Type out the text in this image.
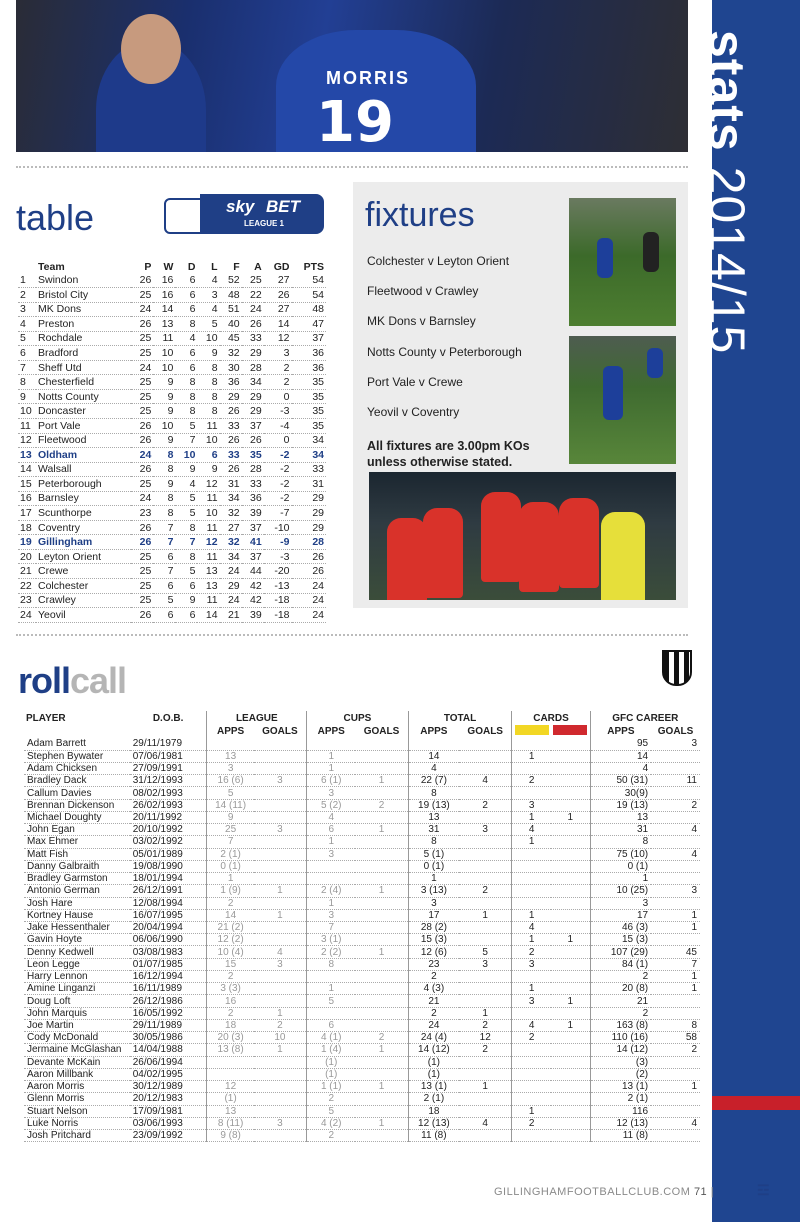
stats 2014/15
MORRIS
19
table	sky BET
LEAGUE 1
	Team	P	W	D	L	F	A	GD	PTS
1	Swindon	26	16	6	4	52	25	27	54
2	Bristol City	25	16	6	3	48	22	26	54
3	MK Dons	24	14	6	4	51	24	27	48
4	Preston	26	13	8	5	40	26	14	47
5	Rochdale	25	11	4	10	45	33	12	37
6	Bradford	25	10	6	9	32	29	3	36
7	Sheff Utd	24	10	6	8	30	28	2	36
8	Chesterfield	25	9	8	8	36	34	2	35
9	Notts County	25	9	8	8	29	29	0	35
10	Doncaster	25	9	8	8	26	29	-3	35
11	Port Vale	26	10	5	11	33	37	-4	35
12	Fleetwood	26	9	7	10	26	26	0	34
13	Oldham	24	8	10	6	33	35	-2	34
14	Walsall	26	8	9	9	26	28	-2	33
15	Peterborough	25	9	4	12	31	33	-2	31
16	Barnsley	24	8	5	11	34	36	-2	29
17	Scunthorpe	23	8	5	10	32	39	-7	29
18	Coventry	26	7	8	11	27	37	-10	29
19	Gillingham	26	7	7	12	32	41	-9	28
20	Leyton Orient	25	6	8	11	34	37	-3	26
21	Crewe	25	7	5	13	24	44	-20	26
22	Colchester	25	6	6	13	29	42	-13	24
23	Crawley	25	5	9	11	24	42	-18	24
24	Yeovil	26	6	6	14	21	39	-18	24
fixtures
Colchester v Leyton Orient
Fleetwood v Crawley
MK Dons v Barnsley
Notts County v Peterborough
Port Vale v Crewe
Yeovil v Coventry
All fixtures are 3.00pm KOs unless otherwise stated.
rollcall
PLAYER	D.O.B.	LEAGUE		CUPS		TOTAL		CARDS		GFC CAREER	
		APPS	GOALS	APPS	GOALS	APPS	GOALS			APPS	GOALS
Adam Barrett	29/11/1979									95	3
Stephen Bywater	07/06/1981	13		1		14		1		14	
Adam Chicksen	27/09/1991	3		1		4				4	
Bradley Dack	31/12/1993	16 (6)	3	6 (1)	1	22 (7)	4	2		50 (31)	11
Callum Davies	08/02/1993	5		3		8				30(9)	
Brennan Dickenson	26/02/1993	14 (11)		5 (2)	2	19 (13)	2	3		19 (13)	2
Michael Doughty	20/11/1992	9		4		13		1	1	13	
John Egan	20/10/1992	25	3	6	1	31	3	4		31	4
Max Ehmer	03/02/1992	7		1		8		1		8	
Matt Fish	05/01/1989	2 (1)		3		5 (1)				75 (10)	4
Danny Galbraith	19/08/1990	0 (1)				0 (1)				0 (1)	
Bradley Garmston	18/01/1994	1				1				1	
Antonio German	26/12/1991	1 (9)	1	2 (4)	1	3 (13)	2			10 (25)	3
Josh Hare	12/08/1994	2		1		3				3	
Kortney Hause	16/07/1995	14	1	3		17	1	1		17	1
Jake Hessenthaler	20/04/1994	21 (2)		7		28 (2)		4		46 (3)	1
Gavin Hoyte	06/06/1990	12 (2)		3 (1)		15 (3)		1	1	15 (3)	
Denny Kedwell	03/08/1983	10 (4)	4	2 (2)	1	12 (6)	5	2		107 (29)	45
Leon Legge	01/07/1985	15	3	8		23	3	3		84 (1)	7
Harry Lennon	16/12/1994	2				2				2	1
Amine Linganzi	16/11/1989	3 (3)		1		4 (3)		1		20 (8)	1
Doug Loft	26/12/1986	16		5		21		3	1	21	
John Marquis	16/05/1992	2	1			2	1			2	
Joe Martin	29/11/1989	18	2	6		24	2	4	1	163 (8)	8
Cody McDonald	30/05/1986	20 (3)	10	4 (1)	2	24 (4)	12	2		110 (16)	58
Jermaine McGlashan	14/04/1988	13 (8)	1	1 (4)	1	14 (12)	2			14 (12)	2
Devante McKain	26/06/1994			(1)		(1)				(3)	
Aaron Millbank	04/02/1995			(1)		(1)				(2)	
Aaron Morris	30/12/1989	12		1 (1)	1	13 (1)	1			13 (1)	1
Glenn Morris	20/12/1983	(1)		2		2 (1)				2 (1)	
Stuart Nelson	17/09/1981	13		5		18		1		116	
Luke Norris	03/06/1993	8 (11)	3	4 (2)	1	12 (13)	4	2		12 (13)	4
Josh Pritchard	23/09/1992	9 (8)		2		11 (8)				11 (8)	
GILLINGHAMFOOTBALLCLUB.COM 71 |	☲
